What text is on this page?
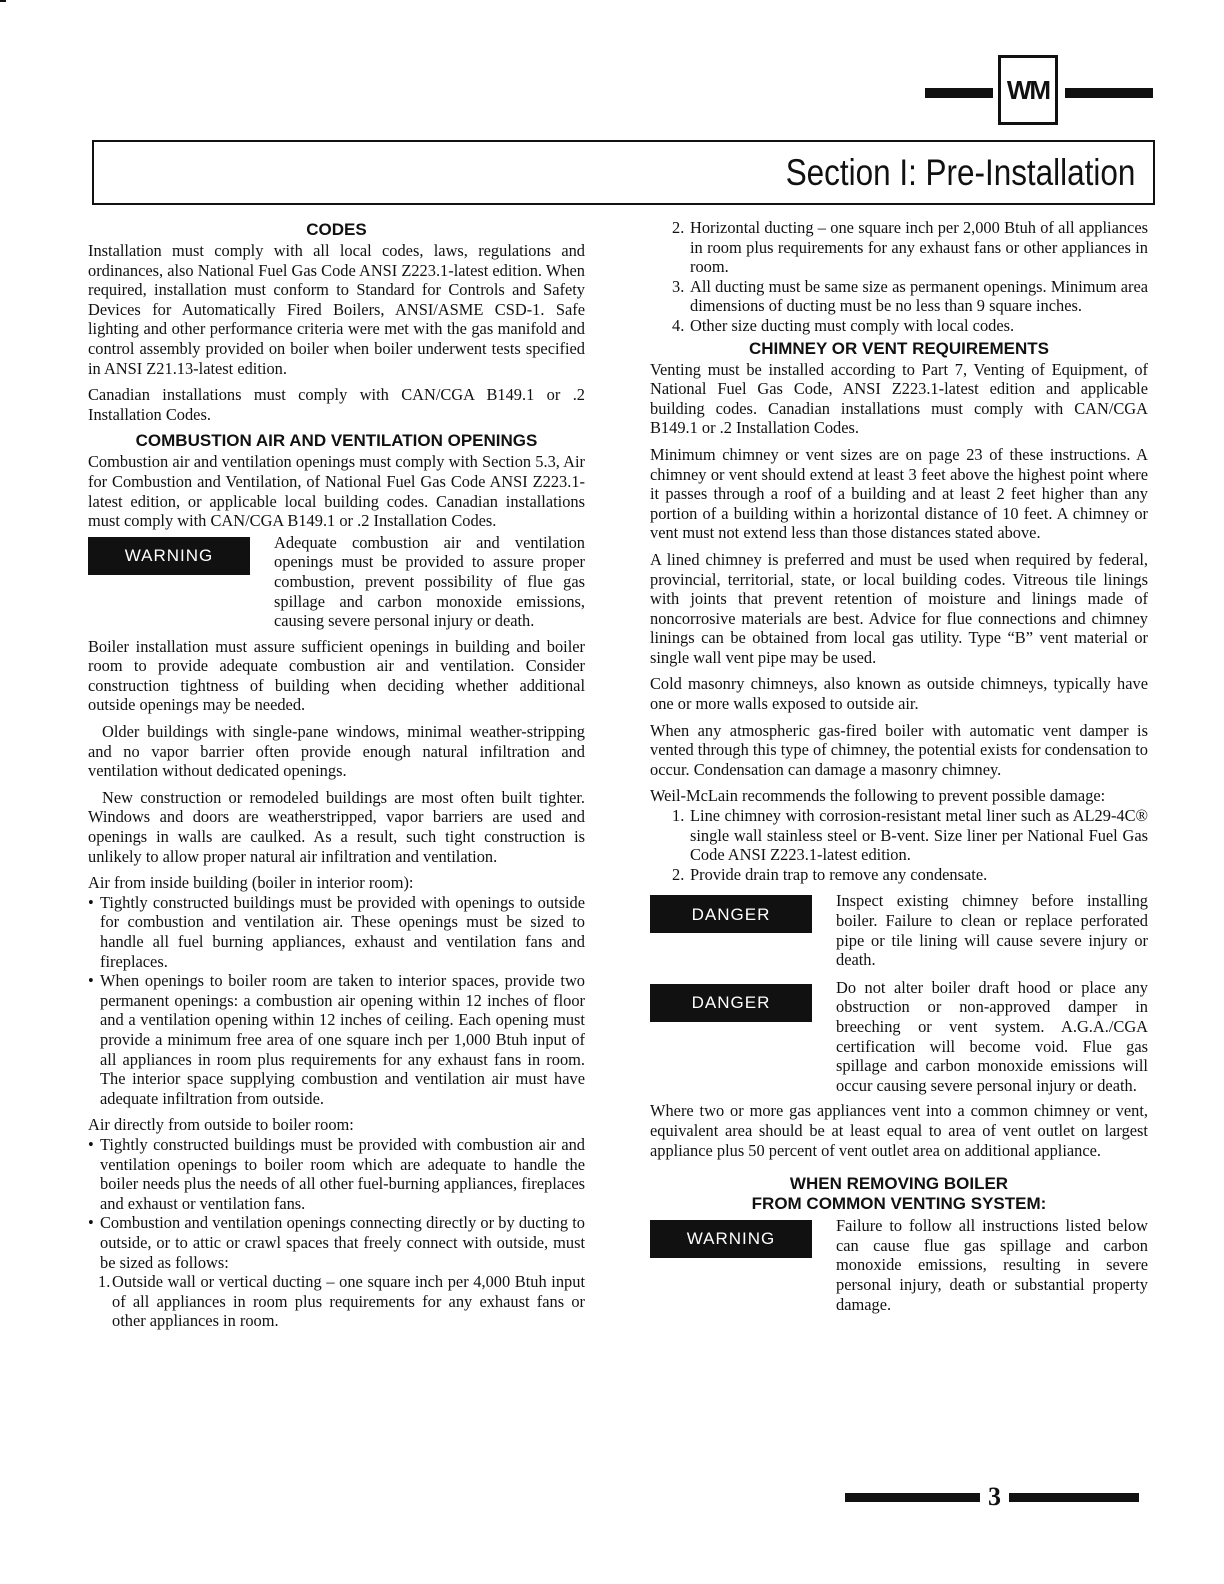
WM
Section I: Pre-Installation
CODES

Installation must comply with all local codes, laws, regulations and ordinances, also National Fuel Gas Code ANSI Z223.1-latest edition. When required, installation must conform to Standard for Controls and Safety Devices for Automatically Fired Boilers, ANSI/ASME CSD-1. Safe lighting and other performance criteria were met with the gas manifold and control assembly provided on boiler when boiler underwent tests specified in ANSI Z21.13-latest edition.

Canadian installations must comply with CAN/CGA B149.1 or .2 Installation Codes.

COMBUSTION AIR AND VENTILATION OPENINGS

Combustion air and ventilation openings must comply with Section 5.3, Air for Combustion and Ventilation, of National Fuel Gas Code ANSI Z223.1-latest edition, or applicable local building codes. Canadian installations must comply with CAN/CGA B149.1 or .2 Installation Codes.

WARNING

Adequate combustion air and ventilation openings must be provided to assure proper combustion, prevent possibility of flue gas spillage and carbon monoxide emissions, causing severe personal injury or death.

Boiler installation must assure sufficient openings in building and boiler room to provide adequate combustion air and ventilation. Consider construction tightness of building when deciding whether additional outside openings may be needed.

Older buildings with single-pane windows, minimal weather-stripping and no vapor barrier often provide enough natural infiltration and ventilation without dedicated openings.

New construction or remodeled buildings are most often built tighter. Windows and doors are weatherstripped, vapor barriers are used and openings in walls are caulked. As a result, such tight construction is unlikely to allow proper natural air infiltration and ventilation.

Air from inside building (boiler in interior room):

• Tightly constructed buildings must be provided with openings to outside for combustion and ventilation air. These openings must be sized to handle all fuel burning appliances, exhaust and ventilation fans and fireplaces.
• When openings to boiler room are taken to interior spaces, provide two permanent openings: a combustion air opening within 12 inches of floor and a ventilation opening within 12 inches of ceiling. Each opening must provide a minimum free area of one square inch per 1,000 Btuh input of all appliances in room plus requirements for any exhaust fans in room. The interior space supplying combustion and ventilation air must have adequate infiltration from outside.

Air directly from outside to boiler room:

• Tightly constructed buildings must be provided with combustion air and ventilation openings to boiler room which are adequate to handle the boiler needs plus the needs of all other fuel-burning appliances, fireplaces and exhaust or ventilation fans.
• Combustion and ventilation openings connecting directly or by ducting to outside, or to attic or crawl spaces that freely connect with outside, must be sized as follows:
1. Outside wall or vertical ducting – one square inch per 4,000 Btuh input of all appliances in room plus requirements for any exhaust fans or other appliances in room.
2. Horizontal ducting – one square inch per 2,000 Btuh of all appliances in room plus requirements for any exhaust fans or other appliances in room.
3. All ducting must be same size as permanent openings. Minimum area dimensions of ducting must be no less than 9 square inches.
4. Other size ducting must comply with local codes.
CHIMNEY OR VENT REQUIREMENTS

Venting must be installed according to Part 7, Venting of Equipment, of National Fuel Gas Code, ANSI Z223.1-latest edition and applicable building codes. Canadian installations must comply with CAN/CGA B149.1 or .2 Installation Codes.

Minimum chimney or vent sizes are on page 23 of these instructions. A chimney or vent should extend at least 3 feet above the highest point where it passes through a roof of a building and at least 2 feet higher than any portion of a building within a horizontal distance of 10 feet. A chimney or vent must not extend less than those distances stated above.

A lined chimney is preferred and must be used when required by federal, provincial, territorial, state, or local building codes. Vitreous tile linings with joints that prevent retention of moisture and linings made of noncorrosive materials are best. Advice for flue connections and chimney linings can be obtained from local gas utility. Type “B” vent material or single wall vent pipe may be used.

Cold masonry chimneys, also known as outside chimneys, typically have one or more walls exposed to outside air.

When any atmospheric gas-fired boiler with automatic vent damper is vented through this type of chimney, the potential exists for condensation to occur. Condensation can damage a masonry chimney.

Weil-McLain recommends the following to prevent possible damage:

1. Line chimney with corrosion-resistant metal liner such as AL29-4C® single wall stainless steel or B-vent. Size liner per National Fuel Gas Code ANSI Z223.1-latest edition.
2. Provide drain trap to remove any condensate.
DANGER

Inspect existing chimney before installing boiler. Failure to clean or replace perforated pipe or tile lining will cause severe injury or death.

DANGER

Do not alter boiler draft hood or place any obstruction or non-approved damper in breeching or vent system. A.G.A./CGA certification will become void. Flue gas spillage and carbon monoxide emissions will occur causing severe personal injury or death.

Where two or more gas appliances vent into a common chimney or vent, equivalent area should be at least equal to area of vent outlet on largest appliance plus 50 percent of vent outlet area on additional appliance.

WHEN REMOVING BOILER
FROM COMMON VENTING SYSTEM:
WARNING

Failure to follow all instructions listed below can cause flue gas spillage and carbon monoxide emissions, resulting in severe personal injury, death or substantial property damage.

3
